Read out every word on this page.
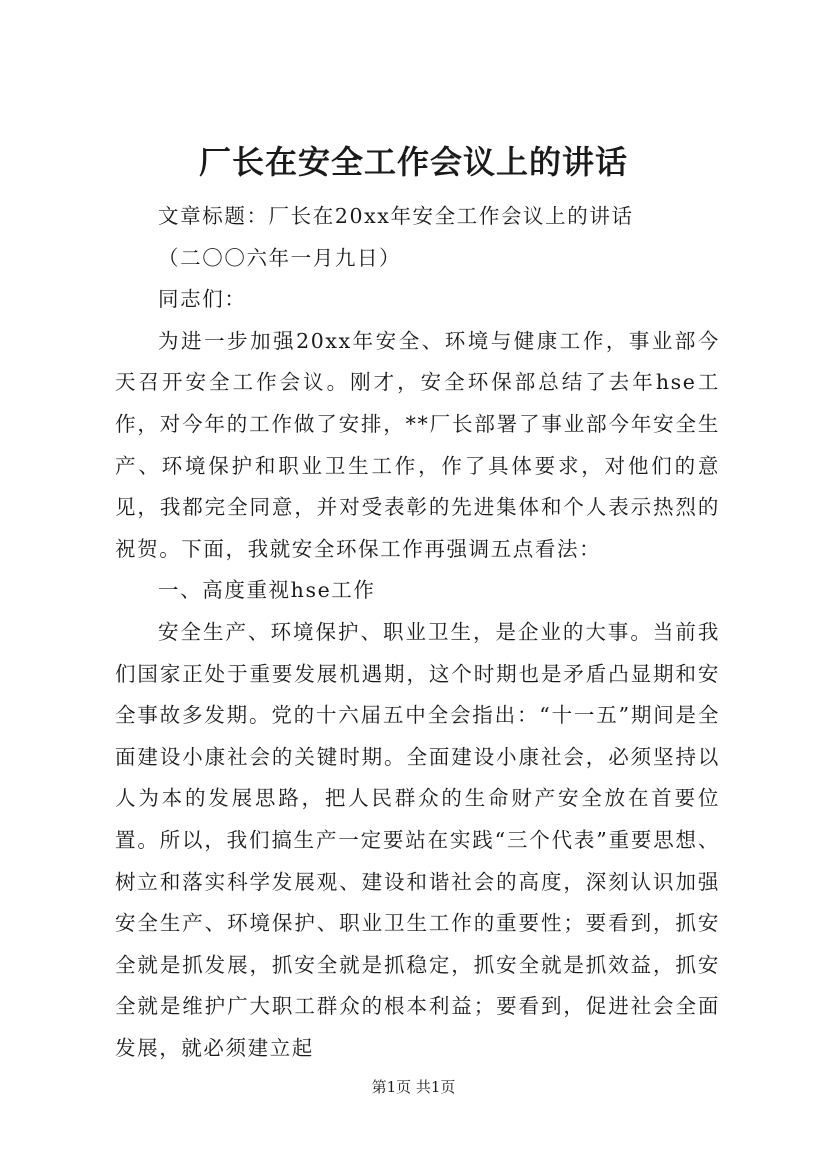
厂长在安全工作会议上的讲话

文章标题：厂长在20xx年安全工作会议上的讲话

（二〇〇六年一月九日）

同志们：

为进一步加强20xx年安全、环境与健康工作，事业部今天召开安全工作会议。刚才，安全环保部总结了去年hse工作，对今年的工作做了安排，**厂长部署了事业部今年安全生产、环境保护和职业卫生工作，作了具体要求，对他们的意见，我都完全同意，并对受表彰的先进集体和个人表示热烈的祝贺。下面，我就安全环保工作再强调五点看法：

一、高度重视hse工作

安全生产、环境保护、职业卫生，是企业的大事。当前我们国家正处于重要发展机遇期，这个时期也是矛盾凸显期和安全事故多发期。党的十六届五中全会指出：“十一五”期间是全面建设小康社会的关键时期。全面建设小康社会，必须坚持以人为本的发展思路，把人民群众的生命财产安全放在首要位置。所以，我们搞生产一定要站在实践“三个代表”重要思想、树立和落实科学发展观、建设和谐社会的高度，深刻认识加强安全生产、环境保护、职业卫生工作的重要性；要看到，抓安全就是抓发展，抓安全就是抓稳定，抓安全就是抓效益，抓安全就是维护广大职工群众的根本利益；要看到，促进社会全面发展，就必须建立起

第1页 共1页
